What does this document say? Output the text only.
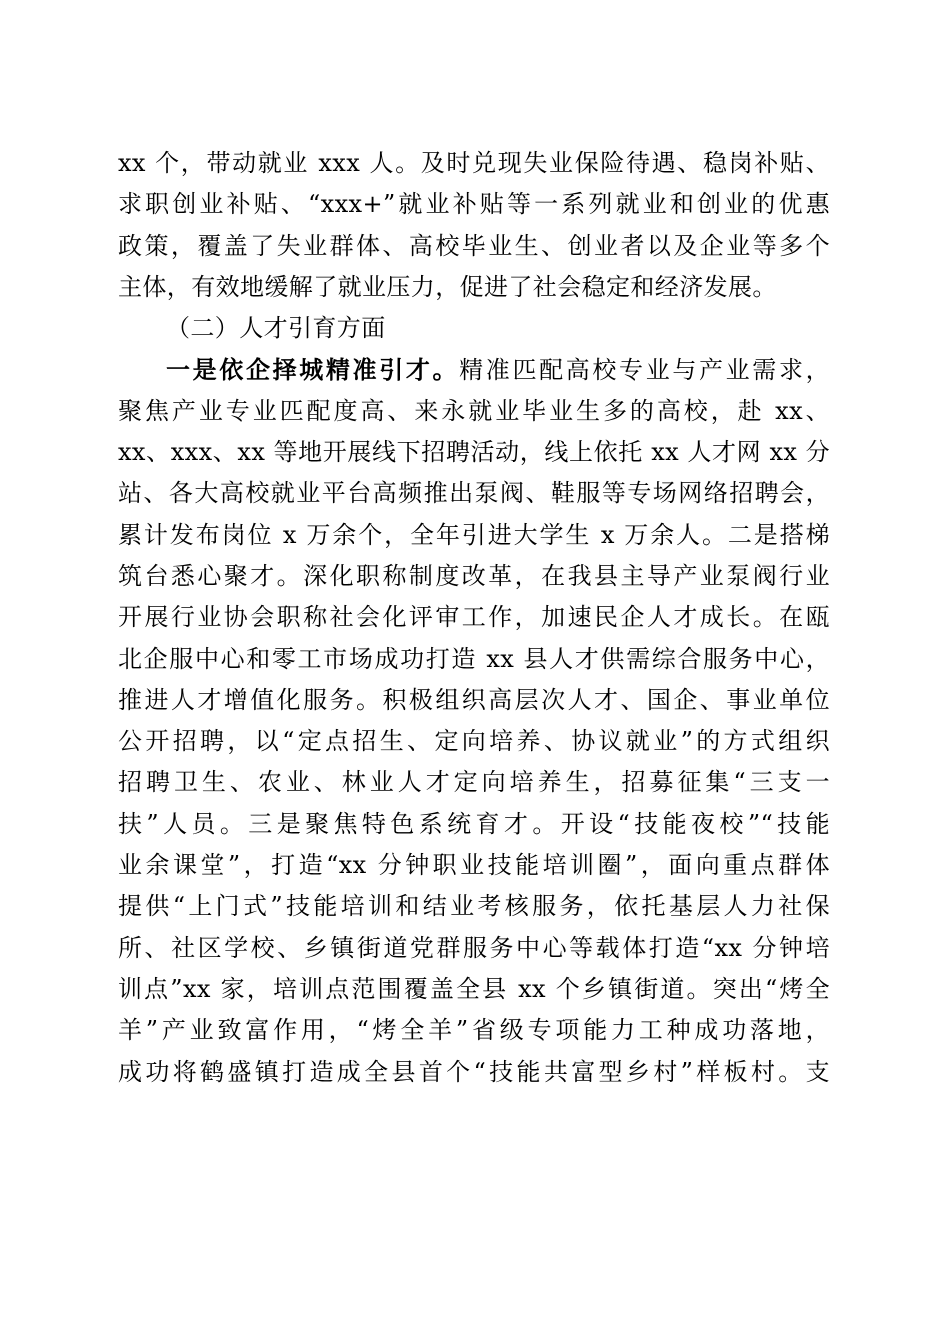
xx 个，带动就业 xxx 人。及时兑现失业保险待遇、稳岗补贴、
求职创业补贴、“xxx+”就业补贴等一系列就业和创业的优惠
政策，覆盖了失业群体、高校毕业生、创业者以及企业等多个
主体，有效地缓解了就业压力，促进了社会稳定和经济发展。
（二）人才引育方面
一是依企择城精准引才。精准匹配高校专业与产业需求，
聚焦产业专业匹配度高、来永就业毕业生多的高校，赴 xx、
xx、xxx、xx 等地开展线下招聘活动，线上依托 xx 人才网 xx 分
站、各大高校就业平台高频推出泵阀、鞋服等专场网络招聘会，
累计发布岗位 x 万余个，全年引进大学生 x 万余人。二是搭梯
筑台悉心聚才。深化职称制度改革，在我县主导产业泵阀行业
开展行业协会职称社会化评审工作，加速民企人才成长。在瓯
北企服中心和零工市场成功打造 xx 县人才供需综合服务中心，
推进人才增值化服务。积极组织高层次人才、国企、事业单位
公开招聘，以“定点招生、定向培养、协议就业”的方式组织
招聘卫生、农业、林业人才定向培养生，招募征集“三支一
扶”人员。三是聚焦特色系统育才。开设“技能夜校”“技能
业余课堂”，打造“xx 分钟职业技能培训圈”，面向重点群体
提供“上门式”技能培训和结业考核服务，依托基层人力社保
所、社区学校、乡镇街道党群服务中心等载体打造“xx 分钟培
训点”xx 家，培训点范围覆盖全县 xx 个乡镇街道。突出“烤全
羊”产业致富作用，“烤全羊”省级专项能力工种成功落地，
成功将鹤盛镇打造成全县首个“技能共富型乡村”样板村。支
